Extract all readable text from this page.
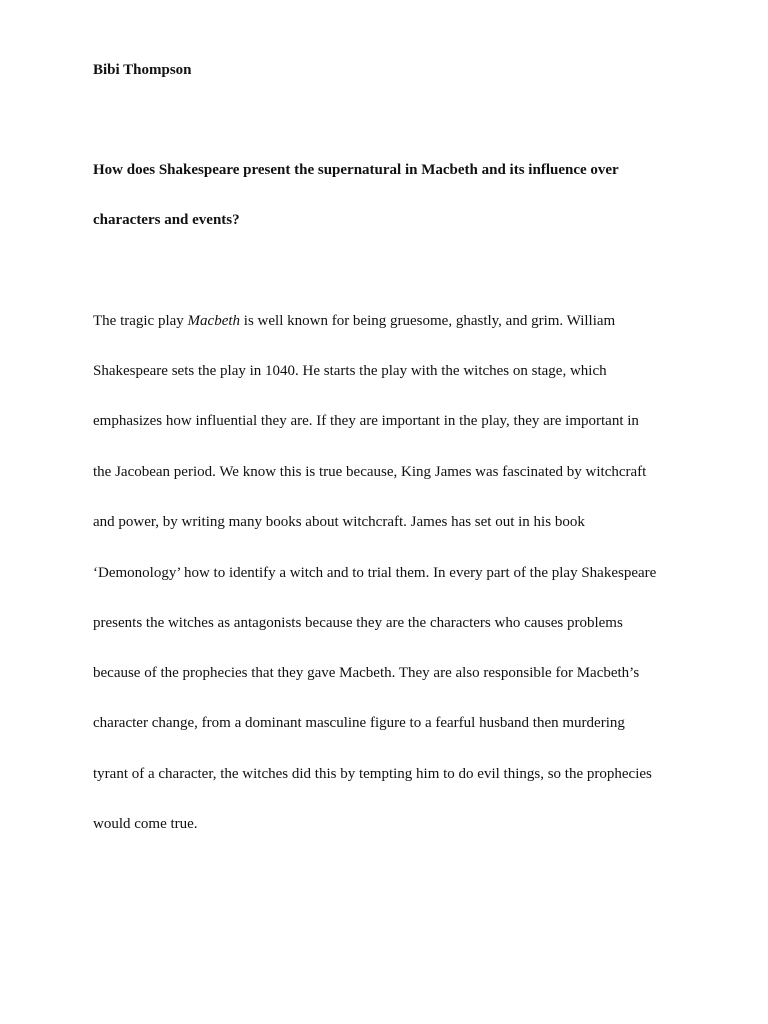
Bibi Thompson
How does Shakespeare present the supernatural in Macbeth and its influence over
characters and events?
The tragic play Macbeth is well known for being gruesome, ghastly, and grim. William
Shakespeare sets the play in 1040. He starts the play with the witches on stage, which
emphasizes how influential they are. If they are important in the play, they are important in
the Jacobean period. We know this is true because, King James was fascinated by witchcraft
and power, by writing many books about witchcraft. James has set out in his book
‘Demonology’ how to identify a witch and to trial them. In every part of the play Shakespeare
presents the witches as antagonists because they are the characters who causes problems
because of the prophecies that they gave Macbeth. They are also responsible for Macbeth’s
character change, from a dominant masculine figure to a fearful husband then murdering
tyrant of a character, the witches did this by tempting him to do evil things, so the prophecies
would come true.
